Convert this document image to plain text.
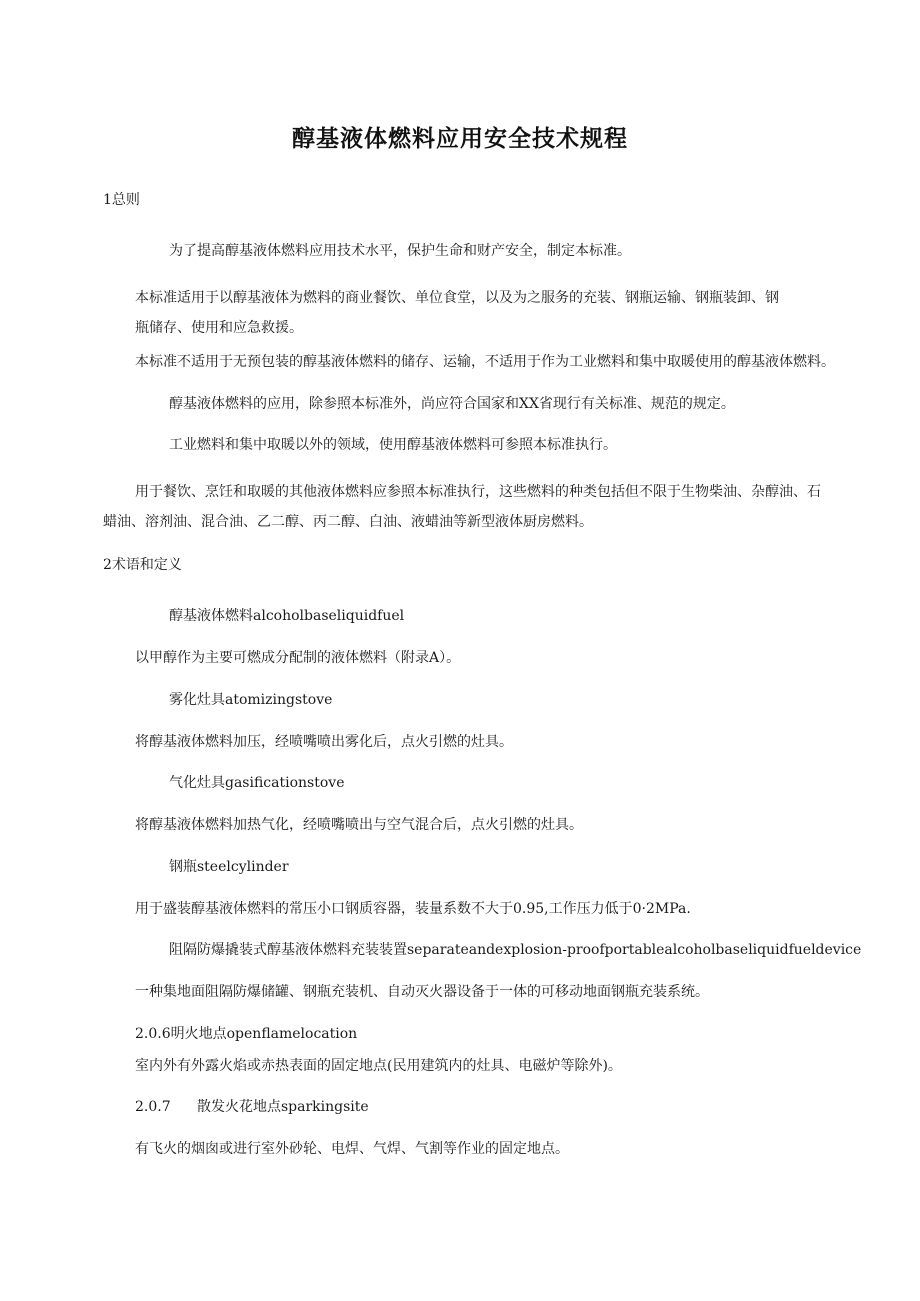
醇基液体燃料应用安全技术规程
1总则
为了提高醇基液体燃料应用技术水平，保护生命和财产安全，制定本标准。
本标准适用于以醇基液体为燃料的商业餐饮、单位食堂，以及为之服务的充装、钢瓶运输、钢瓶装卸、钢瓶储存、使用和应急救援。
本标准不适用于无预包装的醇基液体燃料的储存、运输，不适用于作为工业燃料和集中取暖使用的醇基液体燃料。
醇基液体燃料的应用，除参照本标准外，尚应符合国家和XX省现行有关标准、规范的规定。
工业燃料和集中取暖以外的领域，使用醇基液体燃料可参照本标准执行。
用于餐饮、烹饪和取暖的其他液体燃料应参照本标准执行，这些燃料的种类包括但不限于生物柴油、杂醇油、石蜡油、溶剂油、混合油、乙二醇、丙二醇、白油、液蜡油等新型液体厨房燃料。
2术语和定义
醇基液体燃料alcoholbaseliquidfuel
以甲醇作为主要可燃成分配制的液体燃料（附录A）。
雾化灶具atomizingstove
将醇基液体燃料加压，经喷嘴喷出雾化后，点火引燃的灶具。
气化灶具gasificationstove
将醇基液体燃料加热气化，经喷嘴喷出与空气混合后，点火引燃的灶具。
钢瓶steelcylinder
用于盛装醇基液体燃料的常压小口钢质容器，装量系数不大于0.95,工作压力低于0·2MPa.
阻隔防爆撬装式醇基液体燃料充装装置separateandexplosion-proofportablealcoholbaseliquidfueldevice
一种集地面阻隔防爆储罐、钢瓶充装机、自动灭火器设备于一体的可移动地面钢瓶充装系统。
2.0.6明火地点openflamelocation
室内外有外露火焰或赤热表面的固定地点(民用建筑内的灶具、电磁炉等除外)。
2.0.7 散发火花地点sparkingsite
有飞火的烟囱或进行室外砂轮、电焊、气焊、气割等作业的固定地点。
